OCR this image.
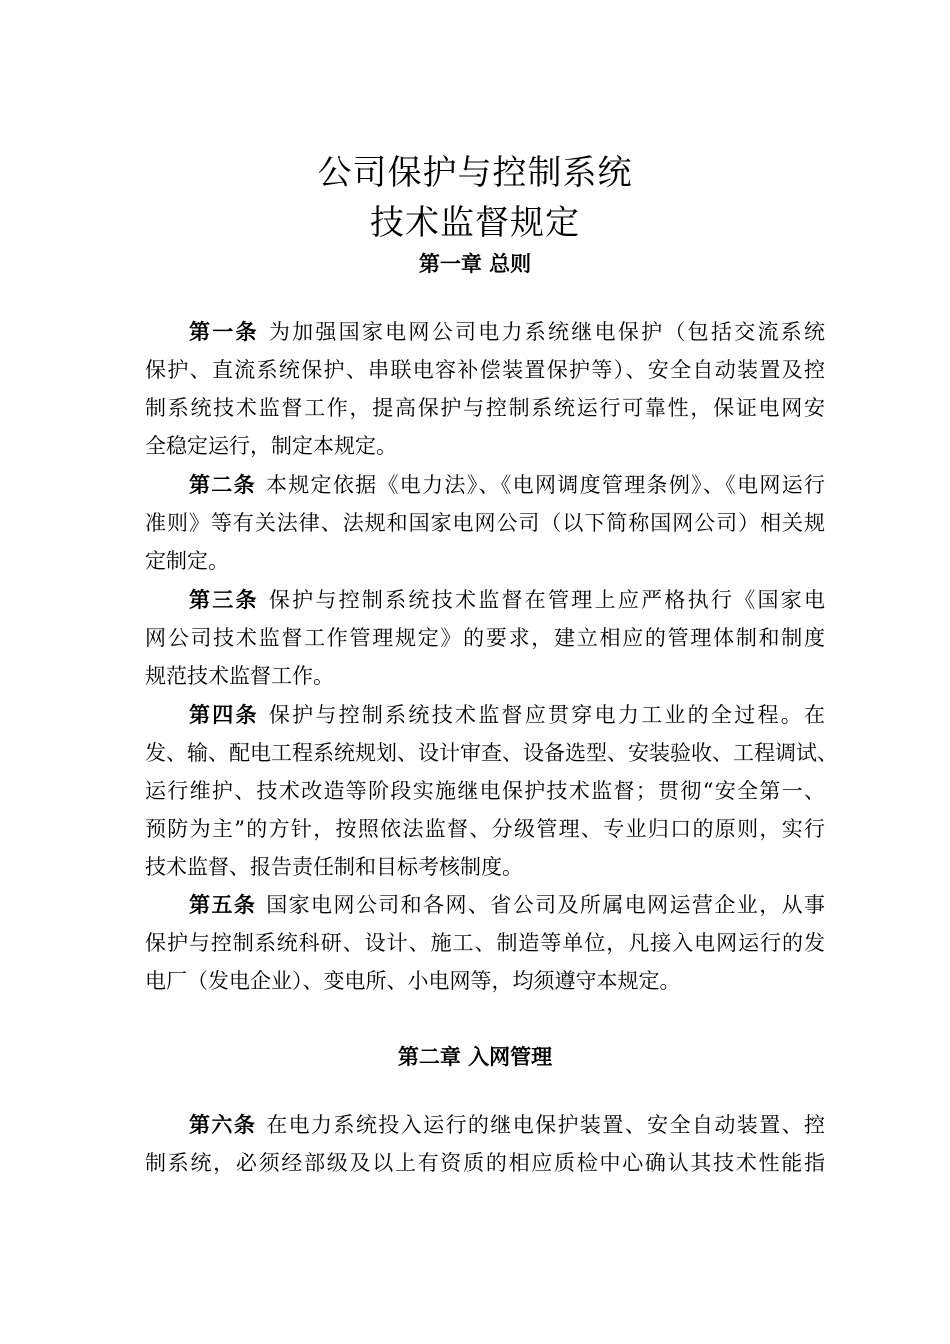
公司保护与控制系统
技术监督规定
第一章 总则
第一条 为加强国家电网公司电力系统继电保护（包括交流系统
保护、直流系统保护、串联电容补偿装置保护等）、安全自动装置及控
制系统技术监督工作，提高保护与控制系统运行可靠性，保证电网安
全稳定运行，制定本规定。
第二条 本规定依据《电力法》、《电网调度管理条例》、《电网运行
准则》等有关法律、法规和国家电网公司（以下简称国网公司）相关规
定制定。
第三条 保护与控制系统技术监督在管理上应严格执行《国家电
网公司技术监督工作管理规定》的要求，建立相应的管理体制和制度
规范技术监督工作。
第四条 保护与控制系统技术监督应贯穿电力工业的全过程。在
发、输、配电工程系统规划、设计审查、设备选型、安装验收、工程调试、
运行维护、技术改造等阶段实施继电保护技术监督；贯彻“安全第一、
预防为主”的方针，按照依法监督、分级管理、专业归口的原则，实行
技术监督、报告责任制和目标考核制度。
第五条 国家电网公司和各网、省公司及所属电网运营企业，从事
保护与控制系统科研、设计、施工、制造等单位，凡接入电网运行的发
电厂（发电企业）、变电所、小电网等，均须遵守本规定。
第二章 入网管理
第六条 在电力系统投入运行的继电保护装置、安全自动装置、控
制系统，必须经部级及以上有资质的相应质检中心确认其技术性能指
